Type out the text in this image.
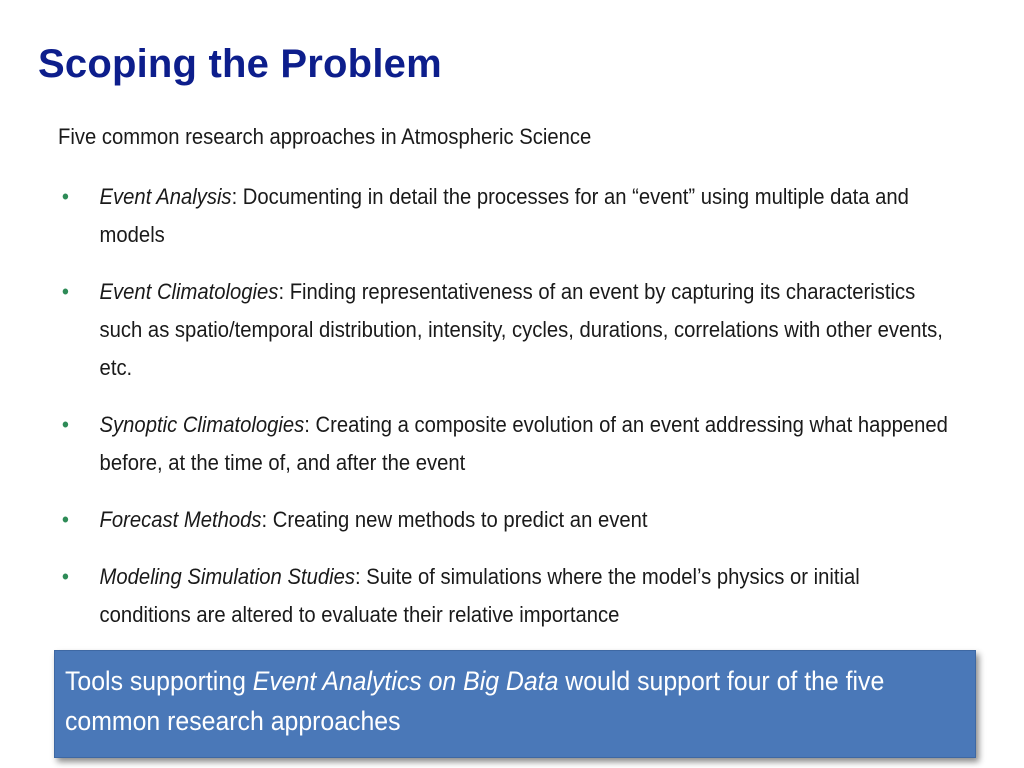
Scoping the Problem
Five common research approaches in Atmospheric Science
• Event Analysis: Documenting in detail the processes for an “event” using multiple data and models
• Event Climatologies: Finding representativeness of an event by capturing its characteristics such as spatio/temporal distribution, intensity, cycles, durations, correlations with other events, etc.
• Synoptic Climatologies: Creating a composite evolution of an event addressing what happened before, at the time of, and after the event
• Forecast Methods: Creating new methods to predict an event
• Modeling Simulation Studies: Suite of simulations where the model’s physics or initial conditions are altered to evaluate their relative importance
Tools supporting Event Analytics on Big Data would support four of the five common research approaches
